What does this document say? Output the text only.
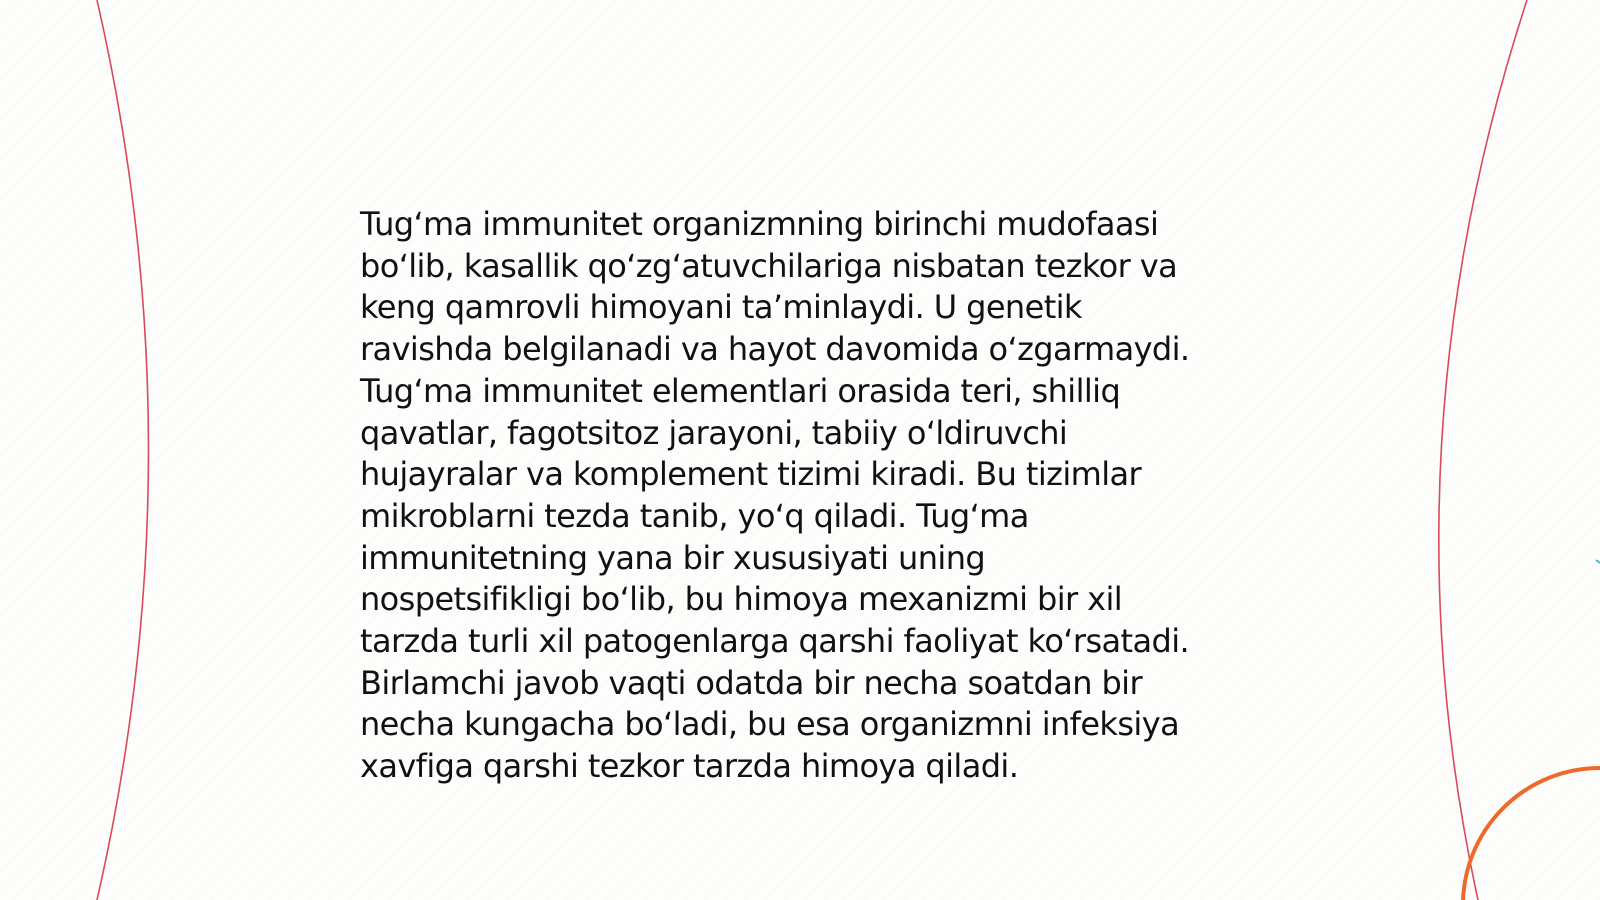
Tug‘ma immunitet organizmning birinchi mudofaasi
bo‘lib, kasallik qo‘zg‘atuvchilariga nisbatan tezkor va
keng qamrovli himoyani ta’minlaydi. U genetik
ravishda belgilanadi va hayot davomida o‘zgarmaydi.
Tug‘ma immunitet elementlari orasida teri, shilliq
qavatlar, fagotsitoz jarayoni, tabiiy o‘ldiruvchi
hujayralar va komplement tizimi kiradi. Bu tizimlar
mikroblarni tezda tanib, yo‘q qiladi. Tug‘ma
immunitetning yana bir xususiyati uning
nospetsifikligi bo‘lib, bu himoya mexanizmi bir xil
tarzda turli xil patogenlarga qarshi faoliyat ko‘rsatadi.
Birlamchi javob vaqti odatda bir necha soatdan bir
necha kungacha bo‘ladi, bu esa organizmni infeksiya
xavfiga qarshi tezkor tarzda himoya qiladi.
